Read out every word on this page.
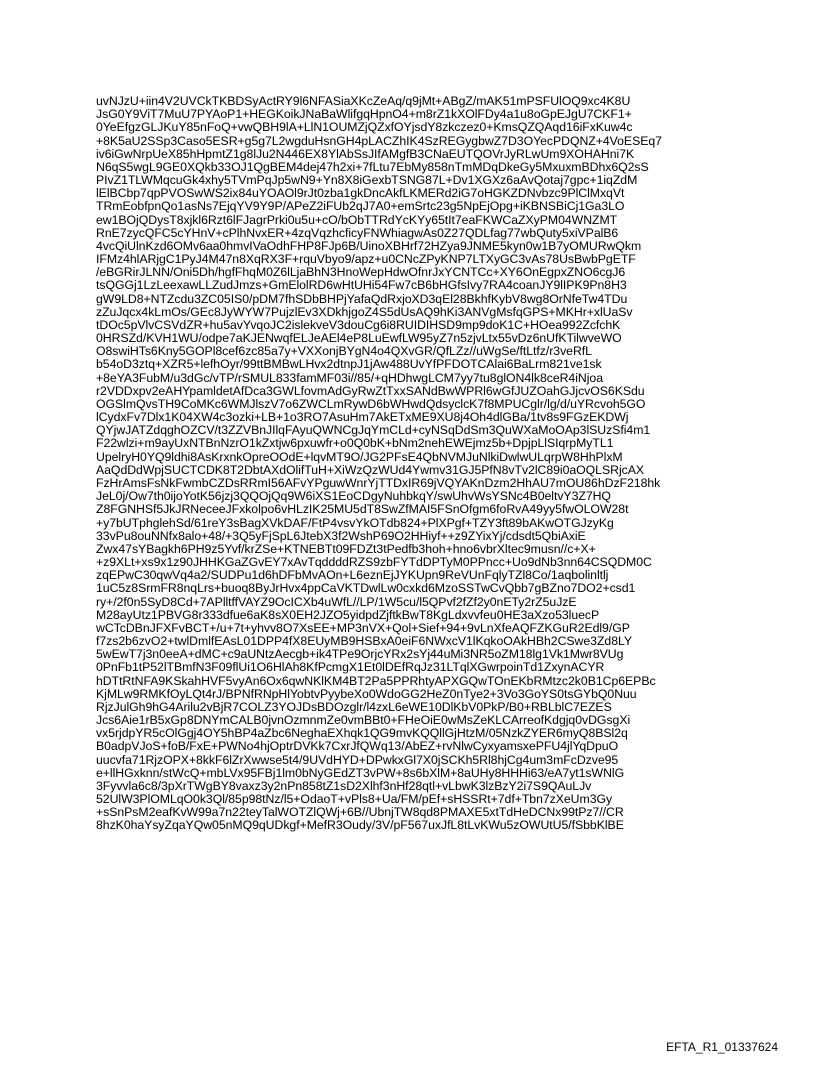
uvNJzU+iin4V2UVCkTKBDSyActRY9l6NFASiaXKcZeAq/q9jMt+ABgZ/mAK51mPSFUlOQ9xc4K8U
JsG0Y9ViT7MuU7PYAoP1+HEGKoikJNaBaWlifgqHpnO4+m8rZ1kXOlFDy4a1u8oGpEJgU7CKF1+
0YeEfgzGLJKuY85nFoQ+vwQBH9lA+LlN1OUMZjQZxfOYjsdY8zkczez0+KmsQZQAqd16iFxKuw4c
+8K5aU2SSp3Caso5ESR+g5g7L2wgduHsnGH4pLACZhIK4SzREGygbwZ7D3OYecPDQNZ+4VoESEq7
iv6iGwNrpUeX85hHpmtZ1g8lJu2N446EX8YlAbSsJIfAMgfB3CNaEUTQOVrJyRLwUm9XOHAHni7K
N6qS5wgL9GE0XQkb33OJ1QgBEM4dej47h2xi+7fLtu7EbMy858nTmMDqDkeGy5MxuxmBDhx6Q2sS
PIvZ1TLWMqcuGk4xhy5TVmPqJp5wN9+Yn8X8iGexbTSNG87L+Dv1XGXz6aAvQotaj7gpc+1iqZdM
lElBCbp7qpPVOSwWS2ix84uYOAOl9rJt0zba1gkDncAkfLKMERd2iG7oHGKZDNvbzc9PlClMxqVt
TRmEobfpnQo1asNs7EjqYV9Y9P/APeZ2iFUb2qJ7A0+emSrtc23g5NpEjOpg+iKBNSBiCj1Ga3LO
ew1BOjQDysT8xjkl6Rzt6lFJagrPrki0u5u+cO/bObTTRdYcKYy65tIt7eaFKWCaZXyPM04WNZMT
RnE7zycQFC5cYHnV+cPlhNvxER+4zqVqzhcficyFNWhiagwAs0Z27QDLfag77wbQuty5xiVPalB6
4vcQiUlnKzd6OMv6aa0hmvIVaOdhFHP8FJp6B/UinoXBHrf72HZya9JNME5kyn0w1B7yOMURwQkm
IFMz4hlARjgC1PyJ4M47n8XqRX3F+rquVbyo9/apz+u0CNcZPyKNP7LTXyGC3vAs78UsBwbPgETF
/eBGRirJLNN/Oni5Dh/hgfFhqM0Z6lLjaBhN3HnoWepHdwOfnrJxYCNTCc+XY6OnEgpxZNO6cgJ6
tsQGGj1LzLeexawLLZudJmzs+GmElolRD6wHtUHi54Fw7cB6bHGfsIvy7RA4coanJY9lIPK9Pn8H3
gW9LD8+NTZcdu3ZC05IS0/pDM7fhSDbBHPjYafaQdRxjoXD3qEl28BkhfKybV8wg8OrNfeTw4TDu
zZuJqcx4kLmOs/GEc8JyWYW7PujzlEv3XDkhjgoZ4S5dUsAQ9hKi3ANVgMsfqGPS+MKHr+xlUaSv
tDOc5pVlvCSVdZR+hu5avYvqoJC2islekveV3douCg6i8RUIDIHSD9mp9doK1C+HOea992ZcfchK
0HRSZd/KVH1WU/odpe7aKJENwqfELJeAEl4eP8LuEwfLW95yZ7n5zjvLtx55vDz6nUfKTilwveWO
O8swiHTs6Kny5GOPl8cef6zc85a7y+VXXonjBYgN4o4QXvGR/QfLZz//uWgSe/ftLtfz/r3veRfL
b54oD3ztq+XZR5+lefhOyr/99ttBMBwLHvx2dtnpJ1jAw488UvYfPFDOTCAlai6BaLrm821ve1sk
+8eYA3FubM/u3dGc/vTP/rSMUL833famMF03i//85/+qHDhwgLCM7yy7tu8glON4lk8ceR4iNjoa
r2VDDxpv2eAHYpamldetAfDca3GWLfovmAdGyRwZtTxxSANdBwWPRl6wGfJUZOahGJjcvOS6KSdu
OGSlmQvsTH9CoMKc6WMJlszV7o6ZWCLmRywD6bWHwdQdsyclcK7f8MPUCglr/lg/d/uYRcvoh5GO
lCydxFv7Dlx1K04XW4c3ozki+LB+1o3RO7AsuHm7AkETxME9XU8j4Oh4dlGBa/1tv8s9FGzEKDWj
QYjwJATZdqghOZCV/t3ZZVBnJIlqFAyuQWNCgJqYmCLd+cyNSqDdSm3QuWXaMoOAp3lSUzSfi4m1
F22wlzi+m9ayUxNTBnNzrO1kZxtjw6pxuwfr+o0Q0bK+bNm2nehEWEjmz5b+DpjpLlSIqrpMyTL1
UpelryH0YQ9ldhi8AsKrxnkOpreOOdE+lqvMT9O/JG2PFsE4QbNVMJuNlkiDwlwULqrpW8HhPlxM
AaQdDdWpjSUCTCDK8T2DbtAXdOlifTuH+XiWzQzWUd4Ywmv31GJ5PfN8vTv2lC89i0aOQLSRjcAX
FzHrAmsFsNkFwmbCZDsRRmI56AFvYPguwWnrYjTTDxIR69jVQYAKnDzm2HhAU7mOU86hDzF218hk
JeL0j/Ow7th0ijoYotK56jzj3QQOjQq9W6iXS1EoCDgyNuhbkqY/swUhvWsYSNc4B0eltvY3Z7HQ
Z8FGNHSf5JkJRNeceeJFxkolpo6vHLzIK25MU5dT8SwZfMAI5FSnOfgm6foRvA49yy5fwOLOW28t
+y7bUTphglehSd/61reY3sBagXVkDAF/FtP4vsvYkOTdb824+PlXPgf+TZY3ft89bAKwOTGJzyKg
33vPu8ouNNfx8alo+48/+3Q5yFjSpL6JtebX3f2WshP69O2HHiyf++z9ZYixYj/cdsdt5QbiAxiE
Zwx47sYBagkh6PH9z5Yvf/krZSe+KTNEBTt09FDZt3tPedfb3hoh+hno6vbrXltec9musn//c+X+
+z9XLt+xs9x1z90JHHKGaZGvEY7xAvTqddddRZS9zbFYTdDPTyM0PPncc+Uo9dNb3nn64CSQDM0C
zqEPwC30qwVq4a2/SUDPu1d6hDFbMvAOn+L6eznEjJYKUpn9ReVUnFqlyTZl8Co/1aqbolinltlj
1uC5z8SrmFR8nqLrs+buoq8ByJrHvx4ppCaVKTDwlLw0cxkd6MzoSSTwCvQbb7gBZno7DO2+csd1
ry+/2f0n5SyD8Cd+7APlltffVAYZ9OcICXb4uWfL//LP/1W5cu/l5QPvf2fZf2y0nETy2rZ5uJzE
M28ayUtz1PBVG8r333dfue6aK8sX0EH2JZO5yidpdZjftkBwT8KgLdxvvfeu0HE3aXzo53luecP
wCTcDBnJFXFvBCT+/u+7t+yhvv8O7XsEE+MP3nVX+Qol+Sief+94+9vLnXfeAQFZKGuR2Edl9/GP
f7zs2b6zvO2+twlDmlfEAsL01DPP4fX8EUyMB9HSBxA0eiF6NWxcV1lKqkoOAkHBh2CSwe3Zd8LY
5wEwT7j3n0eeA+dMC+c9aUNtzAecgb+ik4TPe9OrjcYRx2sYj44uMi3NR5oZM18lg1Vk1Mwr8VUg
0PnFb1tP52lTBmfN3F09flUi1O6HlAh8KfPcmgX1Et0lDEfRqJz31LTqlXGwrpoinTd1ZxynACYR
hDTtRtNFA9KSkahHVF5vyAn6Ox6qwNKlKM4BT2Pa5PPRhtyAPXGQwTOnEKbRMtzc2k0B1Cp6EPBc
KjMLw9RMKfOyLQt4rJ/BPNfRNpHlYobtvPyybeXo0WdoGG2HeZ0nTye2+3Vo3GoYS0tsGYbQ0Nuu
RjzJulGh9hG4Arilu2vBjR7COLZ3YOJDsBDOzglr/l4zxL6eWE10DlKbV0PkP/B0+RBLblC7EZES
Jcs6Aie1rB5xGp8DNYmCALB0jvnOzmnmZe0vmBBt0+FHeOiE0wMsZeKLCArreofKdgjq0vDGsgXi
vx5rjdpYR5cOlGgj4OY5hBP4aZbc6NeghaEXhqk1QG9mvKQQllGjHtzM/05NzkZYER6myQ8BSl2q
B0adpVJoS+foB/FxE+PWNo4hjOptrDVKk7CxrJfQWq13/AbEZ+rvNlwCyxyamsxePFU4jlYqDpuO
uucvfa71RjzOPX+8kkF6lZrXwwse5t4/9UVdHYD+DPwkxGl7X0jSCKh5Rl8hjCg4um3mFcDzve95
e+llHGxknn/stWcQ+mbLVx95FBj1lm0bNyGEdZT3vPW+8s6bXlM+8aUHy8HHHi63/eA7yt1sWNlG
3Fyvvla6c8/3pXrTWgBY8vaxz3y2nPn858tZ1sD2Xlhf3nHf28qtl+vLbwK3lzBzY2i7S9QAuLJv
52UlW3PlOMLqO0k3Ql/85p98tNz/l5+OdaoT+vPls8+Ua/FM/pEf+sHSSRt+7df+Tbn7zXeUm3Gy
+sSnPsM2eafKvW99a7n22teyTalWOTZlQWj+6B//UbnjTW8qd8PMAXE5xtTdHeDCNx99tPz7//CR
8hzK0haYsyZqaYQw05nMQ9qUDkgf+MefR3Oudy/3V/pF567uxJfL8tLvKWu5zOWUtU5/fSbbKlBE
EFTA_R1_01337624
